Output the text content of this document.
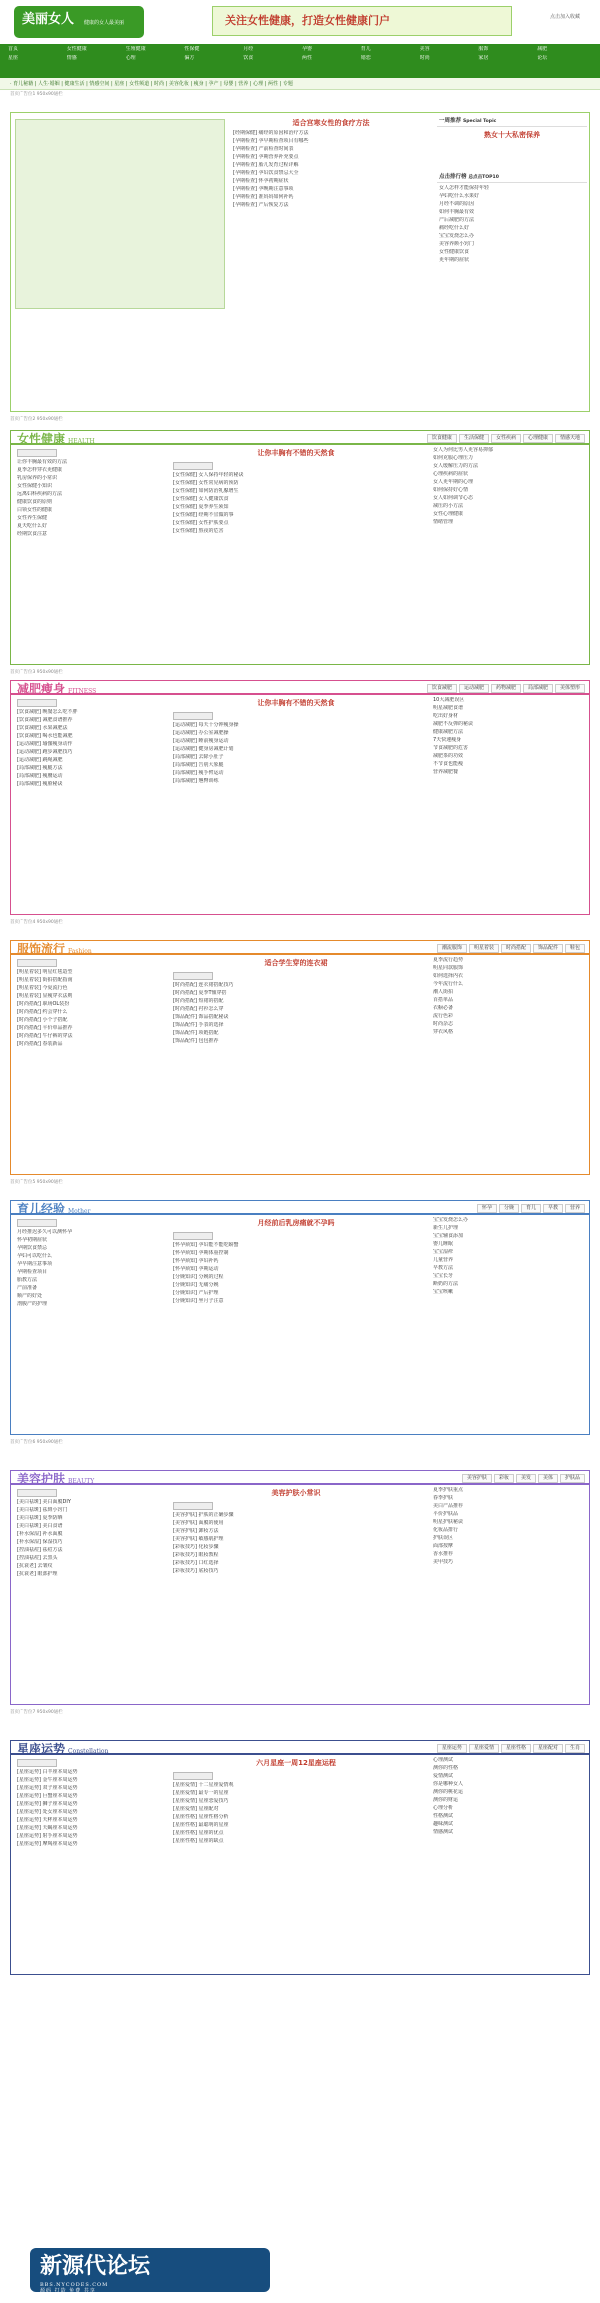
美丽女人 健康的女人最美丽	关注女性健康，打造女性健康门户	点击加入收藏
首页	女性健康	生殖健康	性保健	月经	孕婴	育儿	美容	服饰	减肥
星座	情感	心理	偏方	饮食	两性	婚恋	时尚	家居	论坛
· 育儿秘籍 | 人生·婚姻 | 健康生活 | 情感空间 | 星座 | 女性频道 | 时尚 | 美容化妆 | 瘦身 | 孕产 | 母婴 | 营养 | 心理 | 两性 | 专题
首页广告位1 950x90通栏
适合宫寒女性的食疗方法
[经期保健] 痛经的原因和治疗方法
[孕期检查] 孕早期检查项目有哪些
[孕期检查] 产前检查时间表
[孕期检查] 孕期营养补充要点
[孕期检查] 胎儿发育过程详解
[孕期检查] 孕妇饮食禁忌大全
[孕期检查] 怀孕初期症状
[孕期检查] 孕晚期注意事项
[孕期检查] 准妈妈如何补钙
[孕期检查] 产后恢复方法
一周推荐 Special Topic
熟女十大私密保养
点击排行榜 总点击TOP10
女人怎样才能保持年轻
孕妇吃什么水果好
月经不调的原因
如何丰胸最有效
产后减肥的方法
痛经吃什么好
宝宝发烧怎么办
美容养颜小窍门
女性健康饮食
更年期的症状
首页广告位2 950x90通栏
女性健康 HEALTH	饮食健康	生活保健	女性疾病	心理健康	情感天地
让你丰胸最有效的方法
夏季怎样穿衣更健康
乳房保养的小常识
女性保健小知识
远离妇科疾病的方法
健康饮食的原则
白领女性的健康
女性养生保健
夏天吃什么好
经期饮食注意
让你丰胸有不错的天然食
[女性保健] 女人保持年轻的秘诀
[女性保健] 女性常见病的预防
[女性保健] 如何防治乳腺增生
[女性保健] 女人健康饮食
[女性保健] 夏季养生须知
[女性保健] 经期不宜做的事
[女性保健] 女性护肤要点
[女性保健] 熬夜的危害
女人为何比男人更容易抑郁
如何克服心理压力
女人缓解压力的方法
心理疾病的症状
女人更年期的心理
如何保持好心情
女人如何调节心态
减压的小方法
女性心理健康
情绪管理
首页广告位3 950x90通栏
减肥瘦身 FITNESS	饮食减肥	运动减肥	药物减肥	局部减肥	美体塑形
[饮食减肥] 晚餐怎么吃不胖
[饮食减肥] 减肥食谱推荐
[饮食减肥] 水果减肥法
[饮食减肥] 喝水也能减肥
[运动减肥] 瑜伽瘦身动作
[运动减肥] 跑步减肥技巧
[运动减肥] 跳绳减肥
[局部减肥] 瘦腿方法
[局部减肥] 瘦腰运动
[局部减肥] 瘦脸秘诀
让你丰胸有不错的天然食
[运动减肥] 每天十分钟瘦身操
[运动减肥] 办公室减肥操
[运动减肥] 睡前瘦身运动
[运动减肥] 健身房减肥计划
[局部减肥] 去除小肚子
[局部减肥] 告别大象腿
[局部减肥] 瘦手臂运动
[局部减肥] 翘臀训练
10大减肥误区
明星减肥食谱
吃出好身材
减肥不反弹的秘诀
健康减肥方法
7天快速瘦身
节食减肥的危害
减肥茶的功效
不节食也能瘦
营养减肥餐
首页广告位4 950x90通栏
服饰流行 Fashion	潮流服饰	明星着装	时尚搭配	饰品配件	鞋包
[明星着装] 明星红毯造型
[明星着装] 街拍搭配指南
[明星着装] 今夏流行色
[明星着装] 显瘦穿衣法则
[时尚搭配] 职场OL装扮
[时尚搭配] 约会穿什么
[时尚搭配] 小个子搭配
[时尚搭配] 平价单品推荐
[时尚搭配] 牛仔裤的穿法
[时尚搭配] 春装新品
适合学生穿的连衣裙
[时尚搭配] 连衣裙搭配技巧
[时尚搭配] 夏季T恤穿搭
[时尚搭配] 短裙的搭配
[时尚搭配] 衬衫怎么穿
[饰品配件] 饰品搭配秘诀
[饰品配件] 手表的选择
[饰品配件] 项链搭配
[饰品配件] 包包推荐
夏季流行趋势
明星同款服饰
如何选择内衣
今年流行什么
潮人街拍
百搭单品
衣橱必备
流行色彩
时尚杂志
穿衣风格
首页广告位5 950x90通栏
育儿经验 Mother	怀孕	分娩	育儿	早教	营养
月经推迟多久可以测怀孕
怀孕初期症状
孕期饮食禁忌
孕妇可以吃什么
孕早期注意事项
孕期检查项目
胎教方法
产前准备
顺产的好处
剖腹产的护理
月经前后乳房痛就不孕吗
[怀孕须知] 孕妇能不能吃螃蟹
[怀孕须知] 孕期体重控制
[怀孕须知] 孕妇补钙
[怀孕须知] 孕期运动
[分娩知识] 分娩的过程
[分娩知识] 无痛分娩
[分娩知识] 产后护理
[分娩知识] 坐月子注意
宝宝发烧怎么办
新生儿护理
宝宝辅食添加
婴儿睡眠
宝宝湿疹
儿童营养
早教方法
宝宝长牙
断奶的方法
宝宝咳嗽
首页广告位6 950x90通栏
美容护肤 BEAUTY	美容护肤	彩妆	美发	美体	护肤品
[美白祛斑] 美白面膜DIY
[美白祛斑] 祛斑小窍门
[美白祛斑] 夏季防晒
[美白祛斑] 美白食谱
[补水保湿] 补水面膜
[补水保湿] 保湿技巧
[控油祛痘] 祛痘方法
[控油祛痘] 去黑头
[抗衰老] 去皱纹
[抗衰老] 眼部护理
美容护肤小常识
[美容护肤] 护肤的正确步骤
[美容护肤] 面膜的使用
[美容护肤] 卸妆方法
[美容护肤] 敏感肌护理
[彩妆技巧] 化妆步骤
[彩妆技巧] 眼妆教程
[彩妆技巧] 口红选择
[彩妆技巧] 底妆技巧
夏季护肤重点
春季护肤
美白产品推荐
平价护肤品
明星护肤秘诀
化妆品排行
护肤误区
面部按摩
香水推荐
美甲技巧
首页广告位7 950x90通栏
星座运势 Constellation	星座运势	星座爱情	星座性格	星座配对	生肖
[星座运势] 白羊座本周运势
[星座运势] 金牛座本周运势
[星座运势] 双子座本周运势
[星座运势] 巨蟹座本周运势
[星座运势] 狮子座本周运势
[星座运势] 处女座本周运势
[星座运势] 天秤座本周运势
[星座运势] 天蝎座本周运势
[星座运势] 射手座本周运势
[星座运势] 摩羯座本周运势
六月星座一周12星座运程
[星座爱情] 十二星座爱情观
[星座爱情] 最专一的星座
[星座爱情] 星座恋爱技巧
[星座爱情] 星座配对
[星座性格] 星座性格分析
[星座性格] 最聪明的星座
[星座性格] 星座的优点
[星座性格] 星座的缺点
心理测试
测你的性格
爱情测试
你是哪种女人
测你的桃花运
测你的财运
心理分析
性格测试
趣味测试
情感测试
新源代论坛
BBS.NYCODES.COM
源码 打造 免费 共享
